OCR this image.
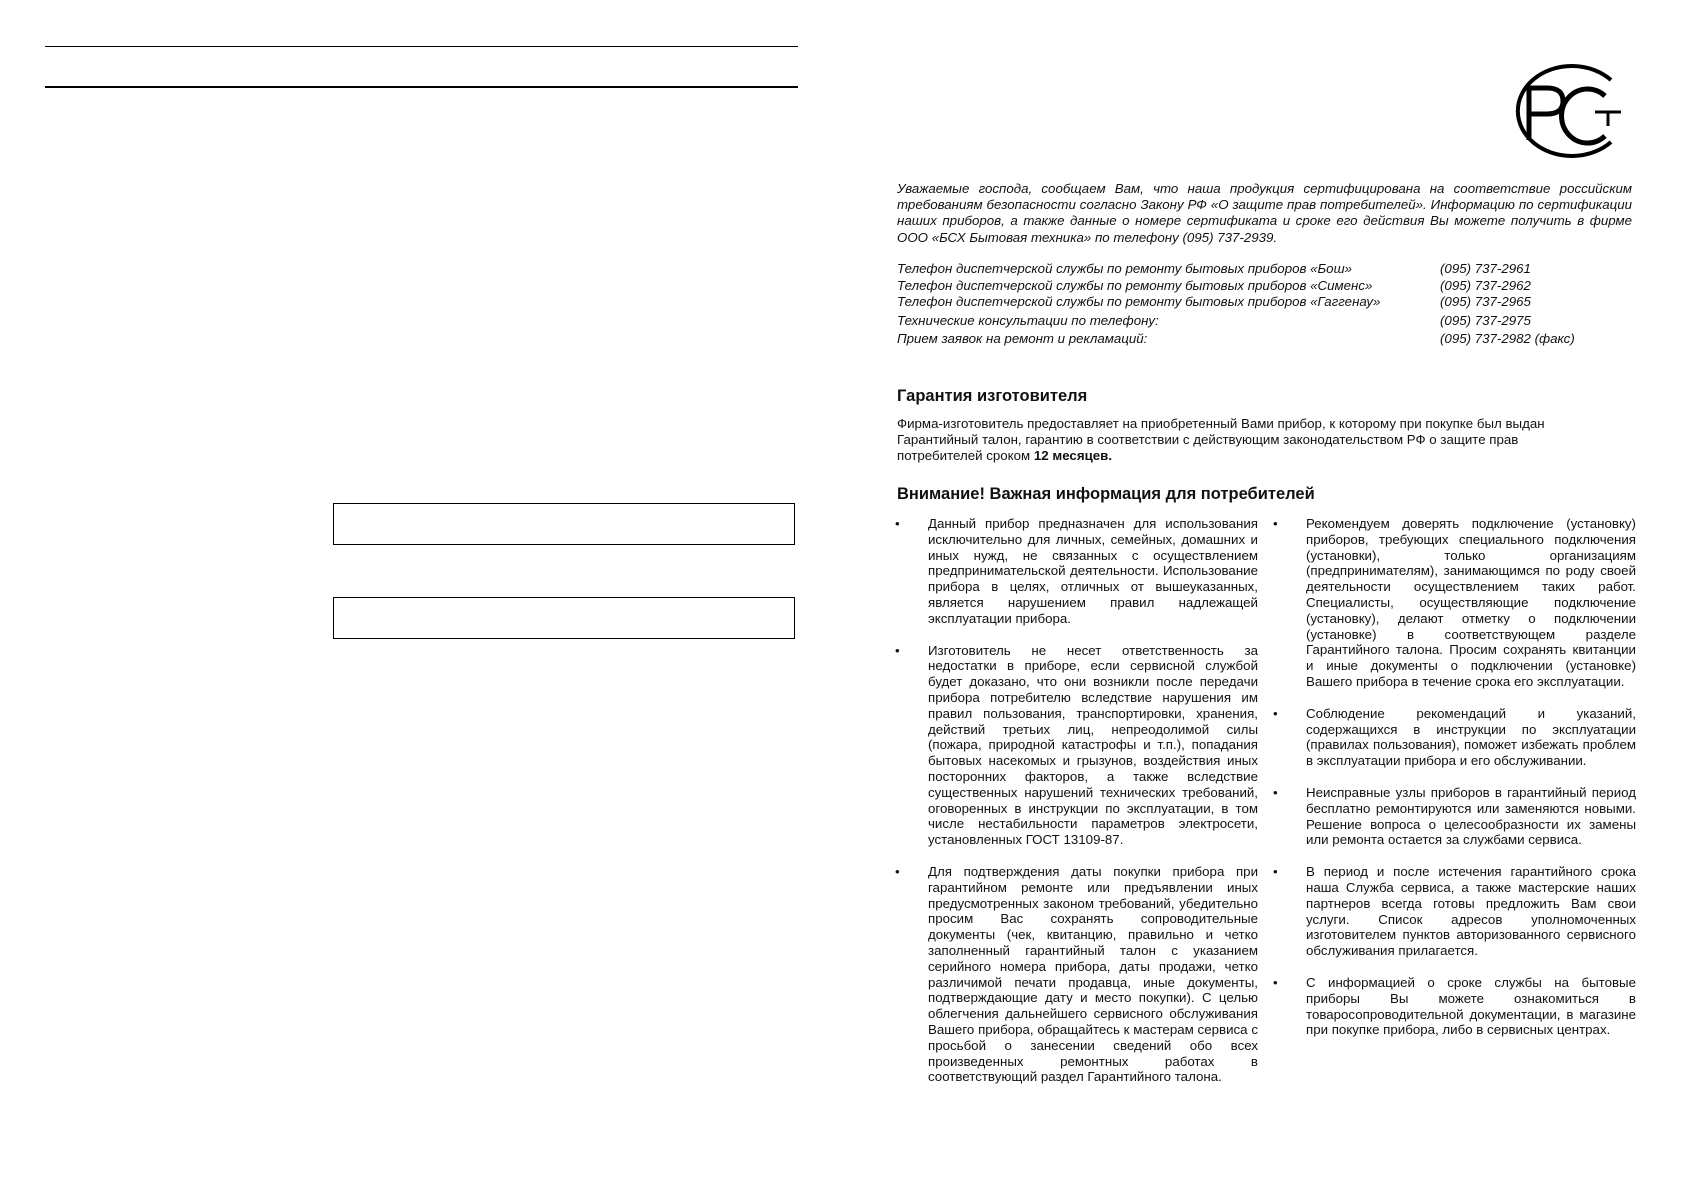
Уважаемые господа, сообщаем Вам, что наша продукция сертифицирована на соответствие российским требованиям безопасности согласно Закону РФ «О защите прав потребителей». Информацию по сертификации наших приборов, а также данные о номере сертификата и сроке его действия Вы можете получить в фирме ООО «БСХ Бытовая техника» по телефону (095) 737-2939.

Телефон диспетчерской службы по ремонту бытовых приборов «Бош»	(095) 737-2961
Телефон диспетчерской службы по ремонту бытовых приборов «Сименс»	(095) 737-2962
Телефон диспетчерской службы по ремонту бытовых приборов «Гаггенау»	(095) 737-2965
Технические консультации по телефону:	(095) 737-2975
Прием заявок на ремонт и рекламаций:	(095) 737-2982 (факс)
Гарантия изготовителя

Фирма-изготовитель предоставляет на приобретенный Вами прибор, к которому при покупке был выдан Гарантийный талон, гарантию в соответствии с действующим законодательством РФ о защите прав потребителей сроком 12 месяцев.

Внимание! Важная информация для потребителей

• Данный прибор предназначен для использования исключительно для личных, семейных, домашних и иных нужд, не связанных с осуществлением предпринимательской деятельности. Использование прибора в целях, отличных от вышеуказанных, является нарушением правил надлежащей эксплуатации прибора.

• Изготовитель не несет ответственность за недостатки в приборе, если сервисной службой будет доказано, что они возникли после передачи прибора потребителю вследствие нарушения им правил пользования, транспортировки, хранения, действий третьих лиц, непреодолимой силы (пожара, природной катастрофы и т.п.), попадания бытовых насекомых и грызунов, воздействия иных посторонних факторов, а также вследствие существенных нарушений технических требований, оговоренных в инструкции по эксплуатации, в том числе нестабильности параметров электросети, установленных ГОСТ 13109-87.

• Для подтверждения даты покупки прибора при гарантийном ремонте или предъявлении иных предусмотренных законом требований, убедительно просим Вас сохранять сопроводительные документы (чек, квитанцию, правильно и четко заполненный гарантийный талон с указанием серийного номера прибора, даты продажи, четко различимой печати продавца, иные документы, подтверждающие дату и место покупки). С целью облегчения дальнейшего сервисного обслуживания Вашего прибора, обращайтесь к мастерам сервиса с просьбой о занесении сведений обо всех произведенных ремонтных работах в соответствующий раздел Гарантийного талона.

• Рекомендуем доверять подключение (установку) приборов, требующих специального подключения (установки), только организациям (предпринимателям), занимающимся по роду своей деятельности осуществлением таких работ. Специалисты, осуществляющие подключение (установку), делают отметку о подключении (установке) в соответствующем разделе Гарантийного талона. Просим сохранять квитанции и иные документы о подключении (установке) Вашего прибора в течение срока его эксплуатации.

• Соблюдение рекомендаций и указаний, содержащихся в инструкции по эксплуатации (правилах пользования), поможет избежать проблем в эксплуатации прибора и его обслуживании.

• Неисправные узлы приборов в гарантийный период бесплатно ремонтируются или заменяются новыми. Решение вопроса о целесообразности их замены или ремонта остается за службами сервиса.

• В период и после истечения гарантийного срока наша Служба сервиса, а также мастерские наших партнеров всегда готовы предложить Вам свои услуги. Список адресов уполномоченных изготовителем пунктов авторизованного сервисного обслуживания прилагается.

• С информацией о сроке службы на бытовые приборы Вы можете ознакомиться в товаросопроводительной документации, в магазине при покупке прибора, либо в сервисных центрах.
